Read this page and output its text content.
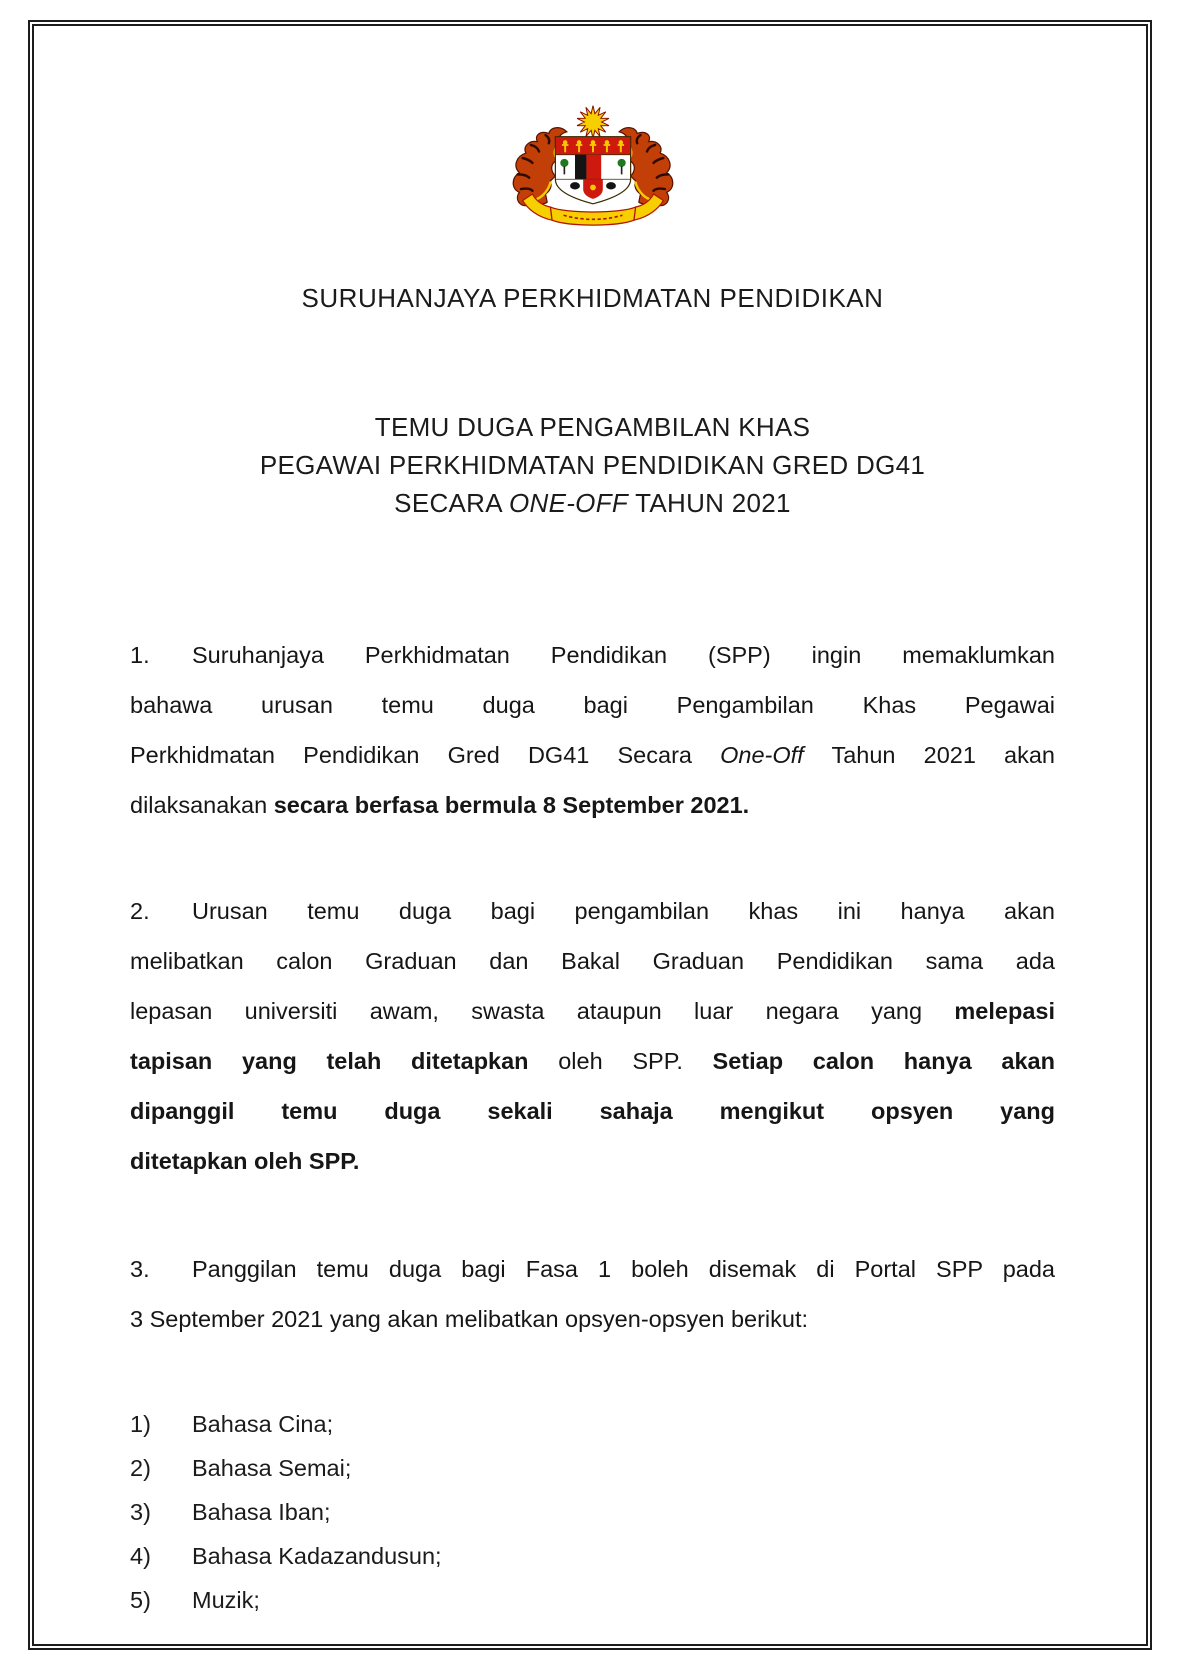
SURUHANJAYA PERKHIDMATAN PENDIDIKAN
TEMU DUGA PENGAMBILAN KHAS
PEGAWAI PERKHIDMATAN PENDIDIKAN GRED DG41
SECARA ONE-OFF TAHUN 2021
1. Suruhanjaya Perkhidmatan Pendidikan (SPP) ingin memaklumkan
bahawa urusan temu duga bagi Pengambilan Khas Pegawai
Perkhidmatan Pendidikan Gred DG41 Secara One-Off Tahun 2021 akan
dilaksanakan secara berfasa bermula 8 September 2021.
2. Urusan temu duga bagi pengambilan khas ini hanya akan
melibatkan calon Graduan dan Bakal Graduan Pendidikan sama ada
lepasan universiti awam, swasta ataupun luar negara yang melepasi
tapisan yang telah ditetapkan oleh SPP. Setiap calon hanya akan
dipanggil temu duga sekali sahaja mengikut opsyen yang
ditetapkan oleh SPP.
3. Panggilan temu duga bagi Fasa 1 boleh disemak di Portal SPP pada
3 September 2021 yang akan melibatkan opsyen-opsyen berikut:
1) Bahasa Cina;
2) Bahasa Semai;
3) Bahasa Iban;
4) Bahasa Kadazandusun;
5) Muzik;
